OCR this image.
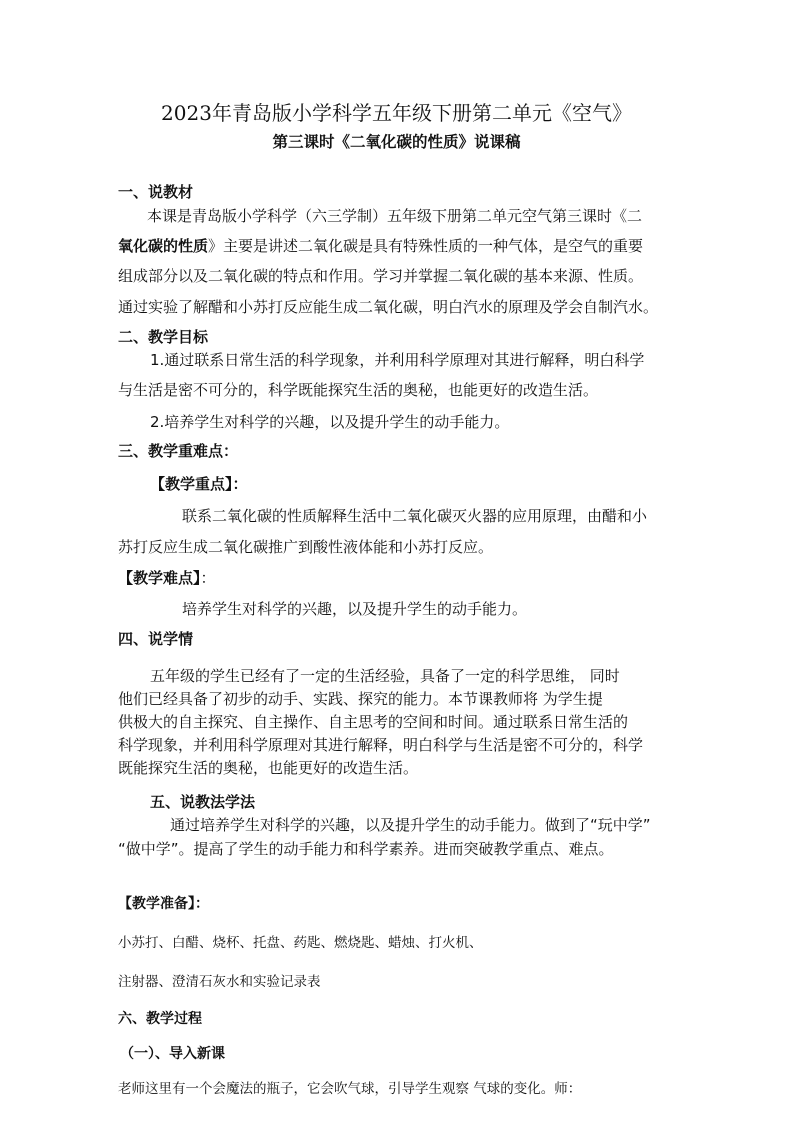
2023年青岛版小学科学五年级下册第二单元《空气》
第三课时《二氧化碳的性质》说课稿
一、说教材
本课是青岛版小学科学（六三学制）五年级下册第二单元空气第三课时《二
氧化碳的性质》主要是讲述二氧化碳是具有特殊性质的一种气体，是空气的重要
组成部分以及二氧化碳的特点和作用。学习并掌握二氧化碳的基本来源、性质。
通过实验了解醋和小苏打反应能生成二氧化碳，明白汽水的原理及学会自制汽水。
二、教学目标
1.通过联系日常生活的科学现象，并利用科学原理对其进行解释，明白科学
与生活是密不可分的，科学既能探究生活的奥秘，也能更好的改造生活。
2.培养学生对科学的兴趣，以及提升学生的动手能力。
三、教学重难点：
【教学重点】：
联系二氧化碳的性质解释生活中二氧化碳灭火器的应用原理，由醋和小
苏打反应生成二氧化碳推广到酸性液体能和小苏打反应。
【教学难点】：
培养学生对科学的兴趣，以及提升学生的动手能力。
四、说学情
五年级的学生已经有了一定的生活经验，具备了一定的科学思维， 同时
他们已经具备了初步的动手、实践、探究的能力。本节课教师将 为学生提
供极大的自主探究、自主操作、自主思考的空间和时间。通过联系日常生活的
科学现象，并利用科学原理对其进行解释，明白科学与生活是密不可分的，科学
既能探究生活的奥秘，也能更好的改造生活。
五、说教法学法
通过培养学生对科学的兴趣，以及提升学生的动手能力。做到了“玩中学”
“做中学”。提高了学生的动手能力和科学素养。进而突破教学重点、难点。
【教学准备】：
小苏打、白醋、烧杯、托盘、药匙、燃烧匙、蜡烛、打火机、
注射器、澄清石灰水和实验记录表
六、教学过程
（一）、导入新课
老师这里有一个会魔法的瓶子，它会吹气球，引导学生观察 气球的变化。师：
